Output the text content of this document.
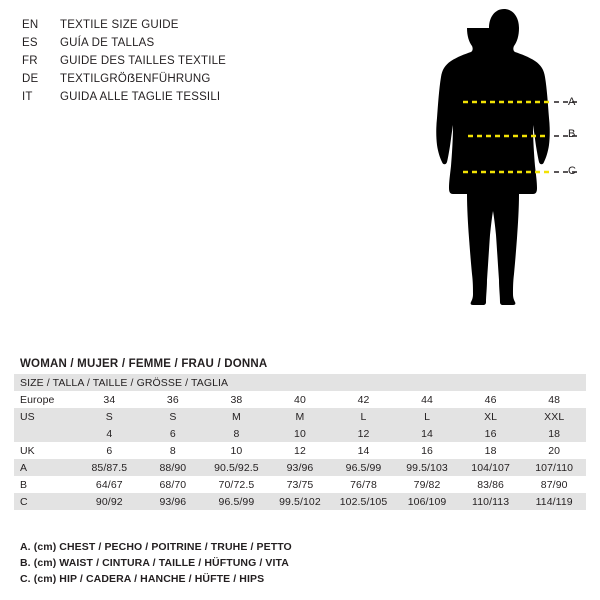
EN	TEXTILE SIZE GUIDE
ES	GUÍA DE TALLAS
FR	GUIDE DES TAILLES TEXTILE
DE	TEXTILGRÖẞENFÜHRUNG
IT	GUIDA ALLE TAGLIE TESSILI	A
B
C
WOMAN / MUJER / FEMME / FRAU / DONNA
SIZE / TALLA / TAILLE / GRÖSSE / TAGLIA								
Europe	34	36	38	40	42	44	46	48
US	S	S	M	M	L	L	XL	XXL
	4	6	8	10	12	14	16	18
UK	6	8	10	12	14	16	18	20
A	85/87.5	88/90	90.5/92.5	93/96	96.5/99	99.5/103	104/107	107/110
B	64/67	68/70	70/72.5	73/75	76/78	79/82	83/86	87/90
C	90/92	93/96	96.5/99	99.5/102	102.5/105	106/109	110/113	114/119
A. (cm) CHEST / PECHO / POITRINE / TRUHE / PETTO
B. (cm) WAIST / CINTURA / TAILLE / HÜFTUNG / VITA
C. (cm) HIP / CADERA / HANCHE / HÜFTE / HIPS
